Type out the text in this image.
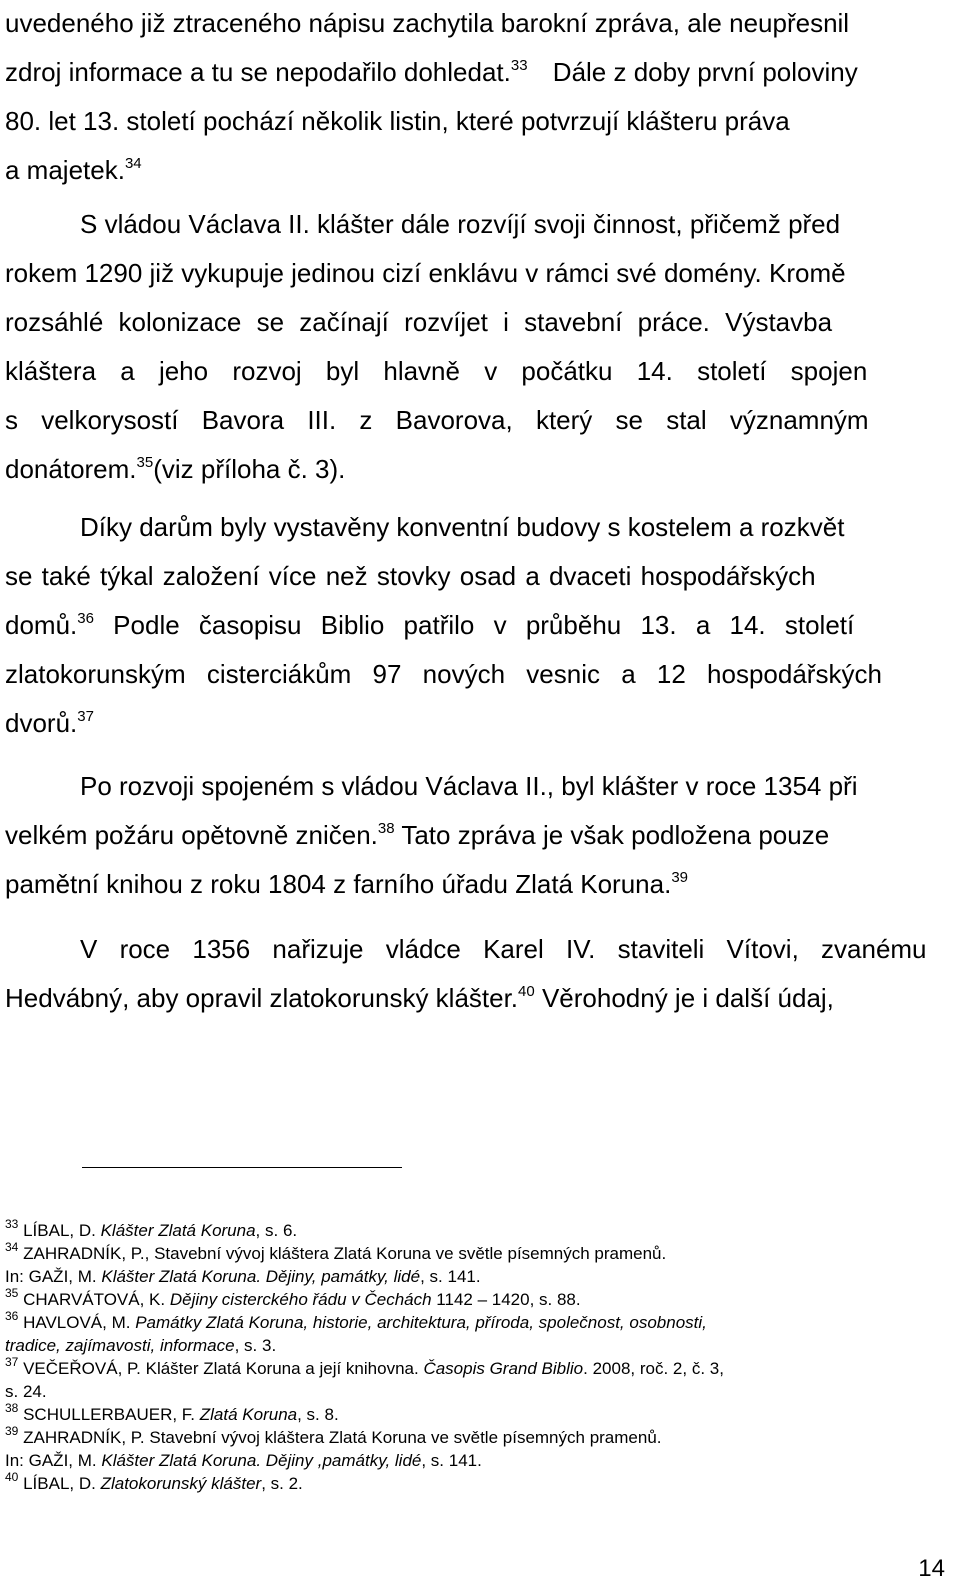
uvedeného již ztraceného nápisu zachytila barokní zpráva, ale neupřesnil
zdroj informace a tu se nepodařilo dohledat.$^{33}$ Dále z doby první poloviny
80. let 13. století pochází několik listin, které potvrzují klášteru práva
a majetek.$^{34}$
S vládou Václava II. klášter dále rozvíjí svoji činnost, přičemž před
rokem 1290 již vykupuje jedinou cizí enklávu v rámci své domény. Kromě
rozsáhlé kolonizace se začínají rozvíjet i stavební práce. Výstavba
kláštera a jeho rozvoj byl hlavně v počátku 14. století spojen
s velkorysostí Bavora III. z Bavorova, který se stal významným
donátorem.$^{35}$(viz příloha č. 3).
Díky darům byly vystavěny konventní budovy s kostelem a rozkvět
se také týkal založení více než stovky osad a dvaceti hospodářských
domů.$^{36}$ Podle časopisu Biblio patřilo v průběhu 13. a 14. století
zlatokorunským cisterciákům 97 nových vesnic a 12 hospodářských
dvorů.$^{37}$
Po rozvoji spojeném s vládou Václava II., byl klášter v roce 1354 při
velkém požáru opětovně zničen.$^{38}$ Tato zpráva je však podložena pouze
pamětní knihou z roku 1804 z farního úřadu Zlatá Koruna.$^{39}$
V roce 1356 nařizuje vládce Karel IV. staviteli Vítovi, zvanému
Hedvábný, aby opravil zlatokorunský klášter.$^{40}$ Věrohodný je i další údaj,
$^{33}$ LÍBAL, D. Klášter Zlatá Koruna, s. 6.
$^{34}$ ZAHRADNÍK, P., Stavební vývoj kláštera Zlatá Koruna ve světle písemných pramenů.
In: GAŽI, M. Klášter Zlatá Koruna. Dějiny, památky, lidé, s. 141.
$^{35}$ CHARVÁTOVÁ, K. Dějiny cisterckého řádu v Čechách 1142 – 1420, s. 88.
$^{36}$ HAVLOVÁ, M. Památky Zlatá Koruna, historie, architektura, příroda, společnost, osobnosti,
tradice, zajímavosti, informace, s. 3.
$^{37}$ VEČEŘOVÁ, P. Klášter Zlatá Koruna a její knihovna. Časopis Grand Biblio. 2008, roč. 2, č. 3,
s. 24.
$^{38}$ SCHULLERBAUER, F. Zlatá Koruna, s. 8.
$^{39}$ ZAHRADNÍK, P. Stavební vývoj kláštera Zlatá Koruna ve světle písemných pramenů.
In: GAŽI, M. Klášter Zlatá Koruna. Dějiny ,památky, lidé, s. 141.
$^{40}$ LÍBAL, D. Zlatokorunský klášter, s. 2.
14
